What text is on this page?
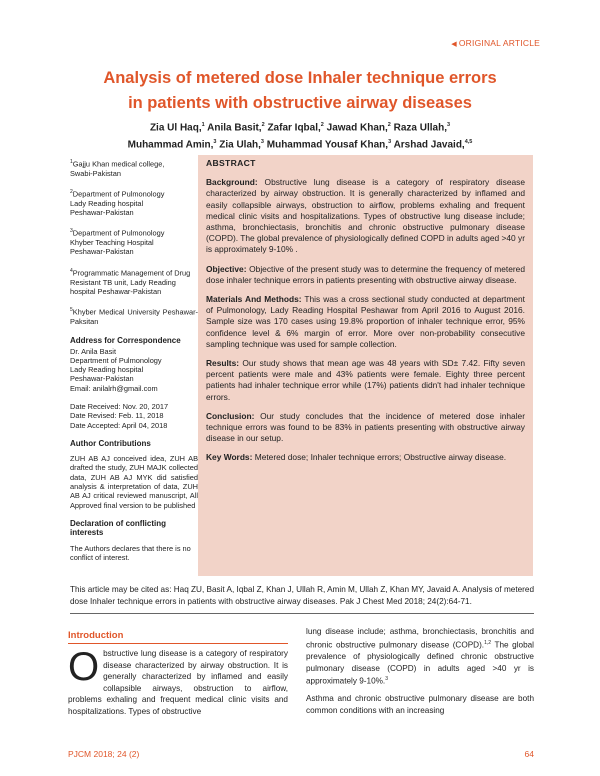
◀ ORIGINAL ARTICLE
Analysis of metered dose Inhaler technique errors
in patients with obstructive airway diseases
Zia Ul Haq,$^1$ Anila Basit,$^2$ Zafar Iqbal,$^2$ Jawad Khan,$^2$ Raza Ullah,$^3$
Muhammad Amin,$^3$ Zia Ulah,$^3$ Muhammad Yousaf Khan,$^3$ Arshad Javaid,$^{4,5}$
$^1$Gajju Khan medical college,
Swabi-Pakistan
$^2$Department of Pulmonology
Lady Reading hospital
Peshawar-Pakistan
$^3$Department of Pulmonology
Khyber Teaching Hospital
Peshawar-Pakistan
$^4$Programmatic Management of Drug Resistant TB unit, Lady Reading hospital Peshawar-Pakistan
$^5$Khyber Medical University Peshawar-Paksitan
Address for Correspondence
Dr. Anila Basit
Department of Pulmonology
Lady Reading hospital
Peshawar-Pakistan
Email: anilalrh@gmail.com
Date Received: Nov. 20, 2017
Date Revised: Feb. 11, 2018
Date Accepted: April 04, 2018
Author Contributions
ZUH AB AJ conceived idea, ZUH AB drafted the study, ZUH MAJK collected data, ZUH AB AJ MYK did satisfied analysis & interpretation of data, ZUH AB AJ critical reviewed manuscript, All Approved final version to be published
Declaration of conflicting interests
The Authors declares that there is no conflict of interest.
ABSTRACT

Background: Obstructive lung disease is a category of respiratory disease characterized by airway obstruction. It is generally characterized by inflamed and easily collapsible airways, obstruction to airflow, problems exhaling and frequent medical clinic visits and hospitalizations. Types of obstructive lung disease include; asthma, bronchiectasis, bronchitis and chronic obstructive pulmonary disease (COPD). The global prevalence of physiologically defined COPD in adults aged >40 yr is approximately 9-10% .

Objective: Objective of the present study was to determine the frequency of metered dose inhaler technique errors in patients presenting with obstructive airway disease.

Materials And Methods: This was a cross sectional study conducted at department of Pulmonology, Lady Reading Hospital Peshawar from April 2016 to August 2016. Sample size was 170 cases using 19.8% proportion of inhaler technique error, 95% confidence level & 6% margin of error. More over non-probability consecutive sampling technique was used for sample collection.

Results: Our study shows that mean age was 48 years with SD± 7.42. Fifty seven percent patients were male and 43% patients were female. Eighty three percent patients had inhaler technique error while (17%) patients didn't had inhaler technique errors.

Conclusion: Our study concludes that the incidence of metered dose inhaler technique errors was found to be 83% in patients presenting with obstructive airway disease in our setup.

Key Words: Metered dose; Inhaler technique errors; Obstructive airway disease.

This article may be cited as: Haq ZU, Basit A, Iqbal Z, Khan J, Ullah R, Amin M, Ullah Z, Khan MY, Javaid A. Analysis of metered dose Inhaler technique errors in patients with obstructive airway diseases. Pak J Chest Med 2018; 24(2):64-71.
Introduction
Obstructive lung disease is a category of respiratory disease characterized by airway obstruction. It is generally characterized by inflamed and easily collapsible airways, obstruction to airflow, problems exhaling and frequent medical clinic visits and hospitalizations. Types of obstructive

lung disease include; asthma, bronchiectasis, bronchitis and chronic obstructive pulmonary disease (COPD).$^{1,2}$ The global prevalence of physiologically defined chronic obstructive pulmonary disease (COPD) in adults aged >40 yr is approximately 9-10%.$^3$

Asthma and chronic obstructive pulmonary disease are both common conditions with an increasing

PJCM 2018; 24 (2)	64
